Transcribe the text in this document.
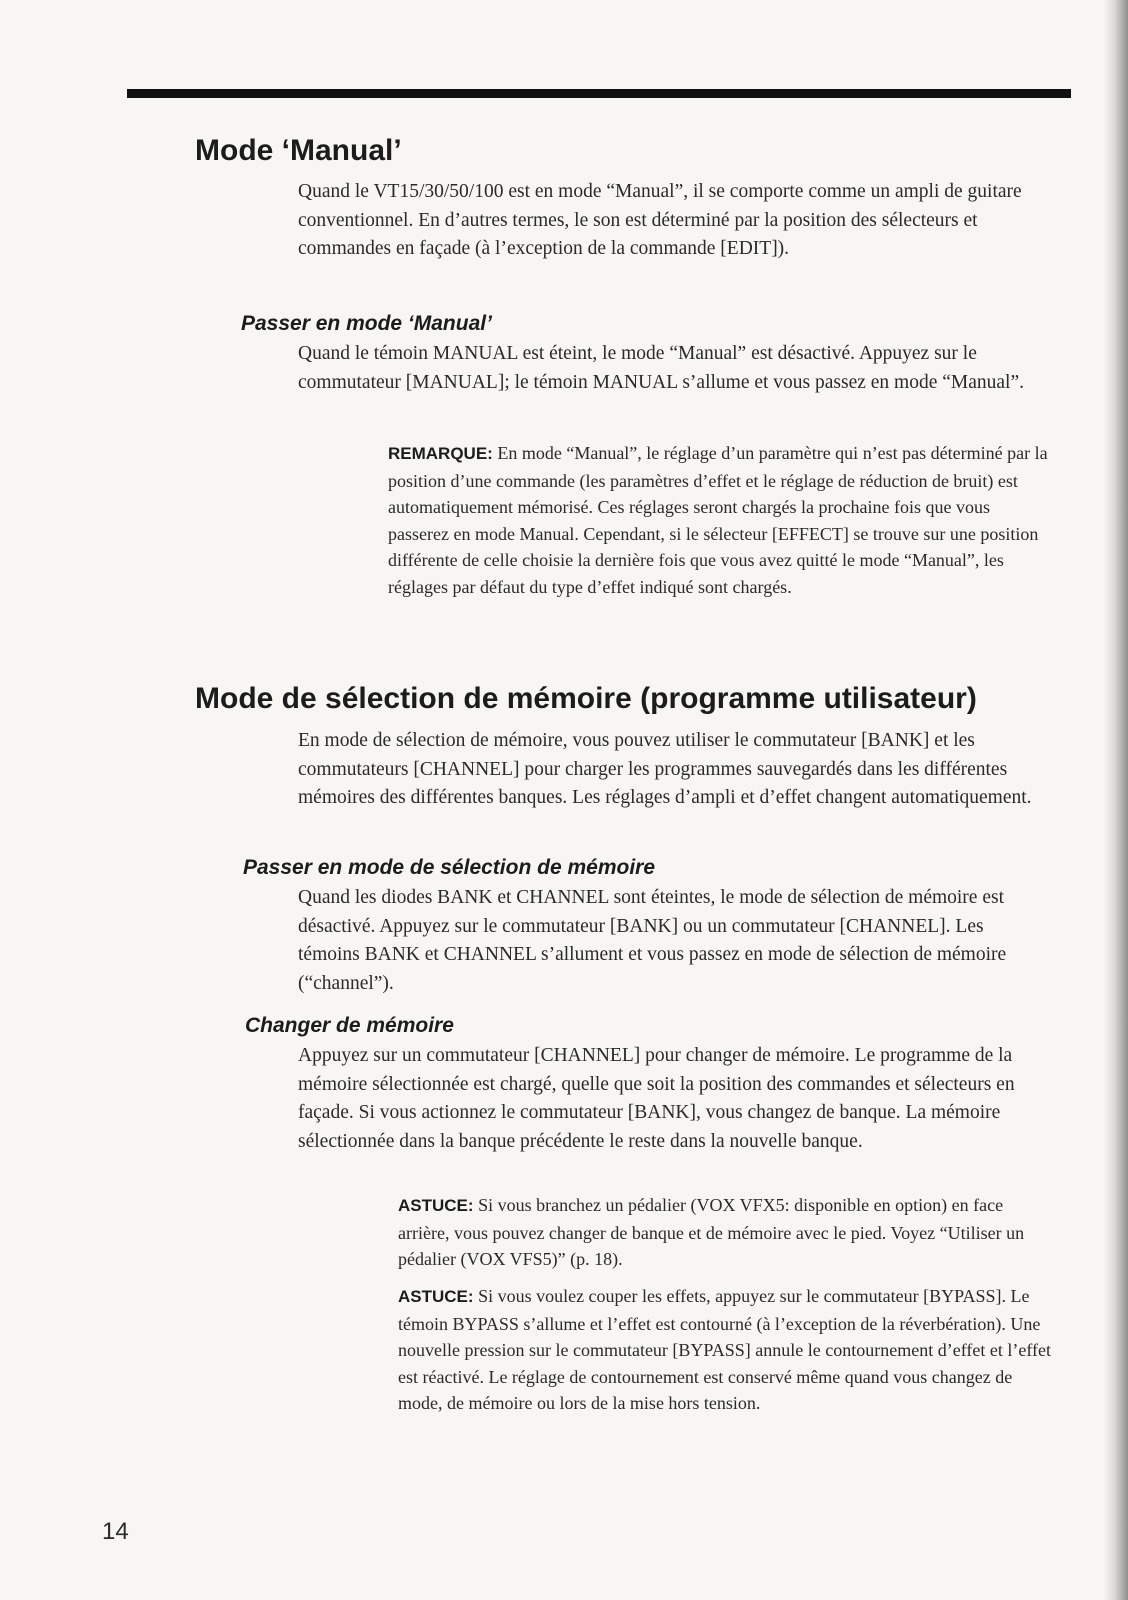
Mode ‘Manual’

Quand le VT15/30/50/100 est en mode “Manual”, il se comporte comme un ampli de guitare conventionnel. En d’autres termes, le son est déterminé par la position des sélecteurs et commandes en façade (à l’exception de la commande [EDIT]).

Passer en mode ‘Manual’

Quand le témoin MANUAL est éteint, le mode “Manual” est désactivé. Appuyez sur le commutateur [MANUAL]; le témoin MANUAL s’allume et vous passez en mode “Manual”.

REMARQUE: En mode “Manual”, le réglage d’un paramètre qui n’est pas déterminé par la position d’une commande (les paramètres d’effet et le réglage de réduction de bruit) est automatiquement mémorisé. Ces réglages seront chargés la prochaine fois que vous passerez en mode Manual. Cependant, si le sélecteur [EFFECT] se trouve sur une position différente de celle choisie la dernière fois que vous avez quitté le mode “Manual”, les réglages par défaut du type d’effet indiqué sont chargés.

Mode de sélection de mémoire (programme utilisateur)

En mode de sélection de mémoire, vous pouvez utiliser le commutateur [BANK] et les commutateurs [CHANNEL] pour charger les programmes sauvegardés dans les différentes mémoires des différentes banques. Les réglages d’ampli et d’effet changent automatiquement.

Passer en mode de sélection de mémoire

Quand les diodes BANK et CHANNEL sont éteintes, le mode de sélection de mémoire est désactivé. Appuyez sur le commutateur [BANK] ou un commutateur [CHANNEL]. Les témoins BANK et CHANNEL s’allument et vous passez en mode de sélection de mémoire (“channel”).

Changer de mémoire

Appuyez sur un commutateur [CHANNEL] pour changer de mémoire. Le programme de la mémoire sélectionnée est chargé, quelle que soit la position des commandes et sélecteurs en façade. Si vous actionnez le commutateur [BANK], vous changez de banque. La mémoire sélectionnée dans la banque précédente le reste dans la nouvelle banque.

ASTUCE: Si vous branchez un pédalier (VOX VFX5: disponible en option) en face arrière, vous pouvez changer de banque et de mémoire avec le pied. Voyez “Utiliser un pédalier (VOX VFS5)” (p. 18).

ASTUCE: Si vous voulez couper les effets, appuyez sur le commutateur [BYPASS]. Le témoin BYPASS s’allume et l’effet est contourné (à l’exception de la réverbération). Une nouvelle pression sur le commutateur [BYPASS] annule le contournement d’effet et l’effet est réactivé. Le réglage de contournement est conservé même quand vous changez de mode, de mémoire ou lors de la mise hors tension.

14
